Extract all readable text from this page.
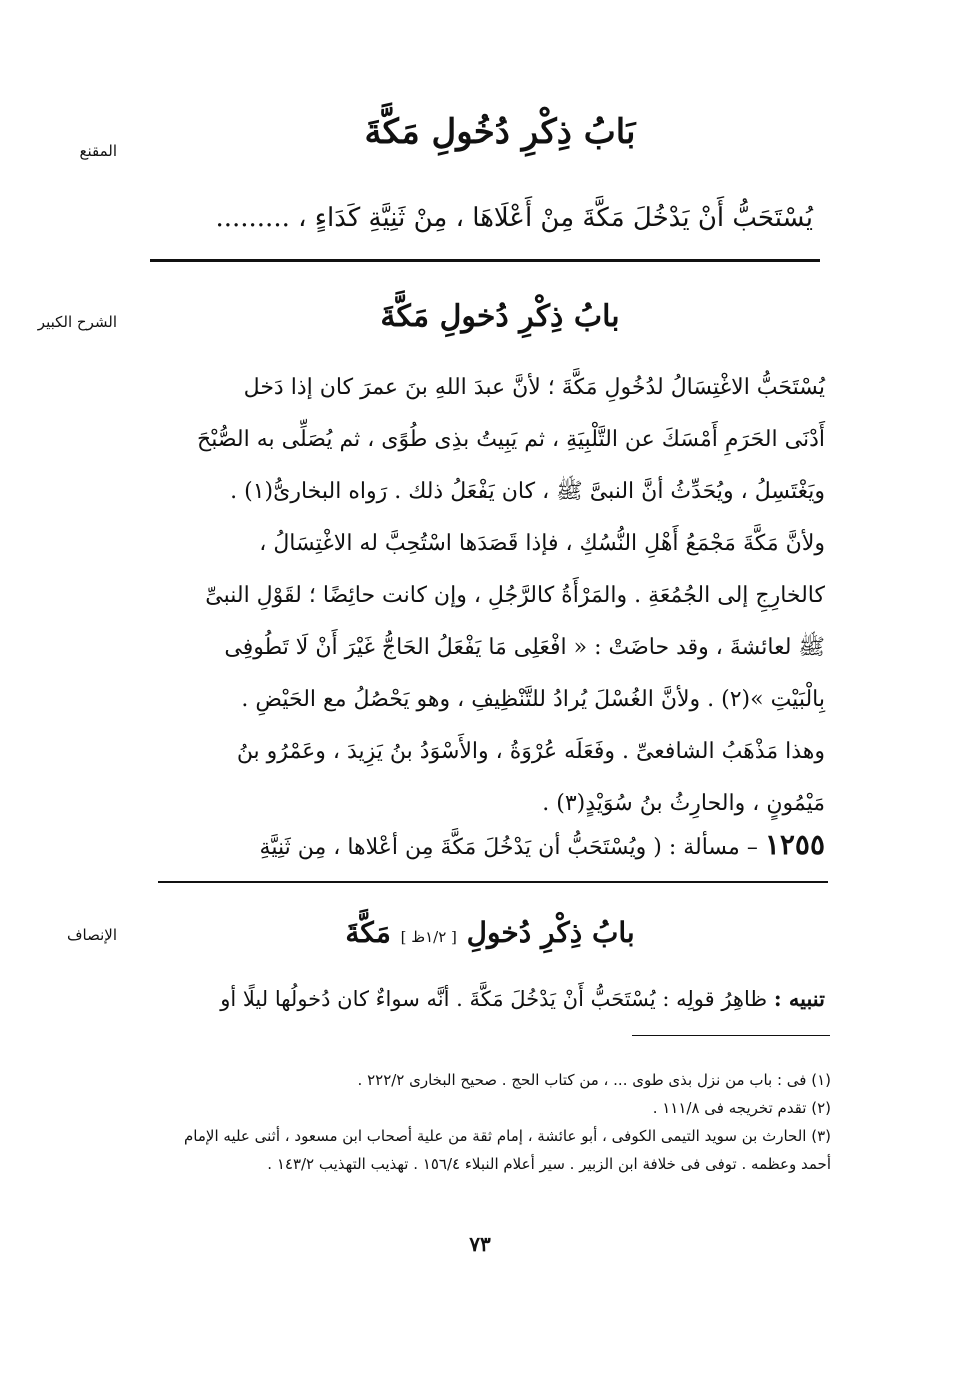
المقنع	بَابُ ذِكْرِ دُخُولِ مَكَّةَ
يُسْتَحَبُّ أَنْ يَدْخُلَ مَكَّةَ مِنْ أَعْلَاهَا ، مِنْ ثَنِيَّةِ كَدَاءٍ ، .........
الشرح الكبير	بابُ ذِكْرِ دُخولِ مَكَّةَ
يُسْتَحَبُّ الاغْتِسَالُ لدُخُولِ مَكَّةَ ؛ لأنَّ عبدَ اللهِ بنَ عمرَ كان إذا دَخل
أَدْنَى الحَرَمِ أَمْسَكَ عن التَّلْبِيَةِ ، ثم يَبِيتُ بذِى طُوًى ، ثم يُصَلِّى به الصُّبْحَ
ويَغْتَسِلُ ، ويُحَدِّثُ أنَّ النبىَّ ﷺ ، كان يَفْعَلُ ذلك . رَواه البخارىُّ(١) .
ولأنَّ مَكَّةَ مَجْمَعُ أَهْلِ النُّسُكِ ، فإذا قَصَدَها اسْتُحِبَّ له الاغْتِسَالُ ،
كالخارِجِ إلى الجُمُعَةِ . والمَرْأَةُ كالرَّجُلِ ، وإن كانت حائِضًا ؛ لقَوْلِ النبىِّ
ﷺ لعائشةَ ، وقد حاضَتْ : « افْعَلِى مَا يَفْعَلُ الحَاجُّ غَيْرَ أَنْ لَا تَطُوفِى
بِالْبَيْتِ »(٢) . ولأنَّ الغُسْلَ يُرادُ للتَّنْظِيفِ ، وهو يَحْصُلُ مع الحَيْضِ .
وهذا مَذْهَبُ الشافعىِّ . وفَعَلَه عُرْوَةُ ، والأَسْوَدُ بنُ يَزِيدَ ، وعَمْرُو بنُ
مَيْمُونٍ ، والحارِثُ بنُ سُوَيْدٍ(٣) .
١٢٥٥ – مسألة : ( ويُسْتَحَبُّ أن يَدْخُلَ مَكَّةَ مِن أعْلاها ، مِن ثَنِيَّةِ
الإنصاف	بابُ ذِكْرِ دُخولِ [ ١/٢ظ ] مَكَّةَ
تنبيه : ظاهِرُ قولِه : يُسْتَحَبُّ أَنْ يَدْخُلَ مَكَّةَ . أنَّه سواءٌ كان دُخولُها ليلًا أو
(١) فى : باب من نزل بذى طوى ... ، من كتاب الحج . صحيح البخارى ٢٢٢/٢ .
(٢) تقدم تخريجه فى ١١١/٨ .
(٣) الحارث بن سويد التيمى الكوفى ، أبو عائشة ، إمام ثقة من علية أصحاب ابن مسعود ، أثنى عليه الإمام
أحمد وعظمه . توفى فى خلافة ابن الزبير . سير أعلام النبلاء ١٥٦/٤ . تهذيب التهذيب ١٤٣/٢ .
٧٣
